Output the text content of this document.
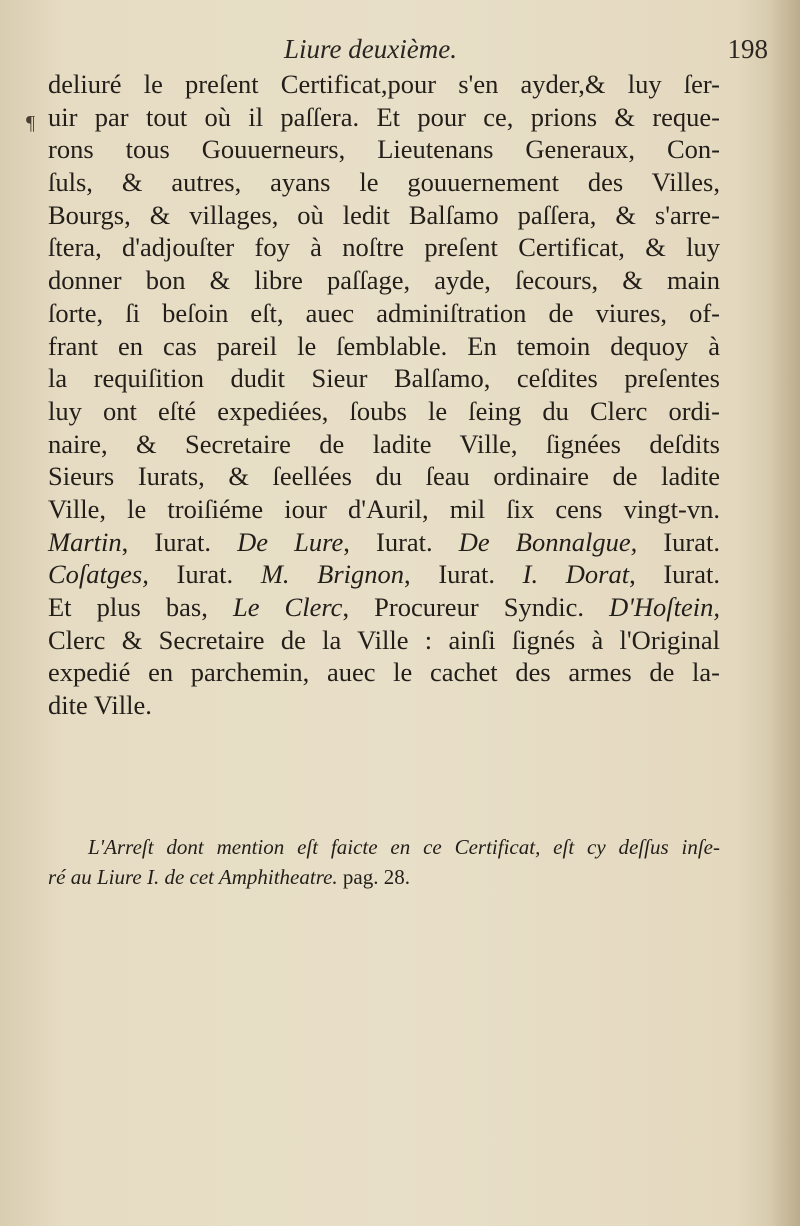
Liure deuxième.	198
¶
deliuré le preſent Certificat,pour s'en ayder,& luy ſer-
uir par tout où il paſſera. Et pour ce, prions & reque-
rons tous Gouuerneurs, Lieutenans Generaux, Con-
ſuls, & autres, ayans le gouuernement des Villes,
Bourgs, & villages, où ledit Balſamo paſſera, & s'arre-
ſtera, d'adjouſter foy à noſtre preſent Certificat, & luy
donner bon & libre paſſage, ayde, ſecours, & main
ſorte, ſi beſoin eſt, auec adminiſtration de viures, of-
frant en cas pareil le ſemblable. En temoin dequoy à
la requiſition dudit Sieur Balſamo, ceſdites preſentes
luy ont eſté expediées, ſoubs le ſeing du Clerc ordi-
naire, & Secretaire de ladite Ville, ſignées deſdits
Sieurs Iurats, & ſeellées du ſeau ordinaire de ladite
Ville, le troiſiéme iour d'Auril, mil ſix cens vingt-vn.
Martin, Iurat. De Lure, Iurat. De Bonnalgue, Iurat.
Coſatges, Iurat. M. Brignon, Iurat. I. Dorat, Iurat.
Et plus bas, Le Clerc, Procureur Syndic. D'Hoſtein,
Clerc & Secretaire de la Ville : ainſi ſignés à l'Original
expedié en parchemin, auec le cachet des armes de la-
dite Ville.
L'Arreſt dont mention eſt faicte en ce Certificat, eſt cy deſſus inſe-
ré au Liure I. de cet Amphitheatre. pag. 28.
